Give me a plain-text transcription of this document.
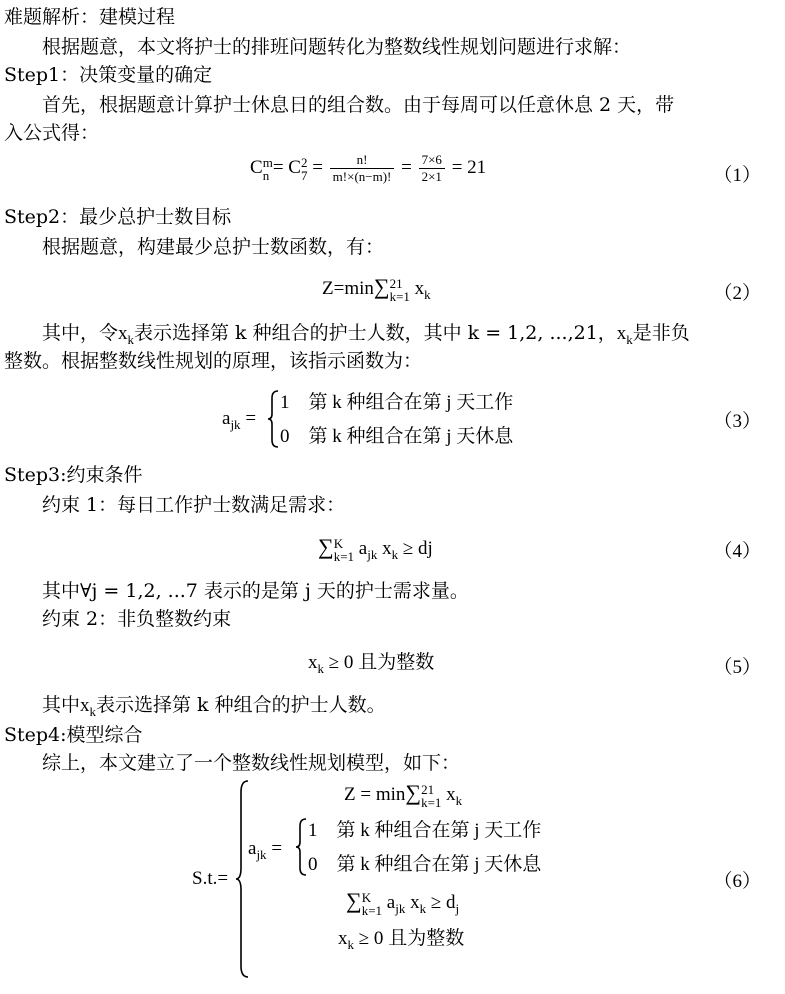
难题解析：建模过程
根据题意，本文将护士的排班问题转化为整数线性规划问题进行求解：
Step1：决策变量的确定
首先，根据题意计算护士休息日的组合数。由于每周可以任意休息 2 天，带
入公式得：
C m
n = C 2
$7 = \frac{n!}{m!\times(n-m)!} = \frac{7\times 6}{2\times 1} = 21$	（1）
Step2：最少总护士数目标
根据题意，构建最少总护士数函数，有：
Z=min∑ 21
k=1 $x_k$	（2）
其中，令$x_k$表示选择第 k 种组合的护士人数，其中 k = 1,2, ...,21，$x_k$是非负
整数。根据整数线性规划的原理，该指示函数为：
$a_{jk}$ =
1    第 k 种组合在第 j 天工作
0    第 k 种组合在第 j 天休息
（3）
Step3:约束条件
约束 1：每日工作护士数满足需求：
∑ K
k=1 $a_{jk}$ $x_k$ ≥ dj	（4）
其中∀j = 1,2, ...7 表示的是第 j 天的护士需求量。
约束 2：非负整数约束
$x_k \ge 0$ 且为整数	（5）
其中$x_k$表示选择第 k 种组合的护士人数。
Step4:模型综合
综上，本文建立了一个整数线性规划模型，如下：
S.t.=
Z = min∑ 21
k=1 $x_k$
$a_{jk}$ =
1    第 k 种组合在第 j 天工作
0    第 k 种组合在第 j 天休息
∑ K
k=1 $a_{jk}$ $x_k \ge d_j$
$x_k \ge 0$ 且为整数
（6）
